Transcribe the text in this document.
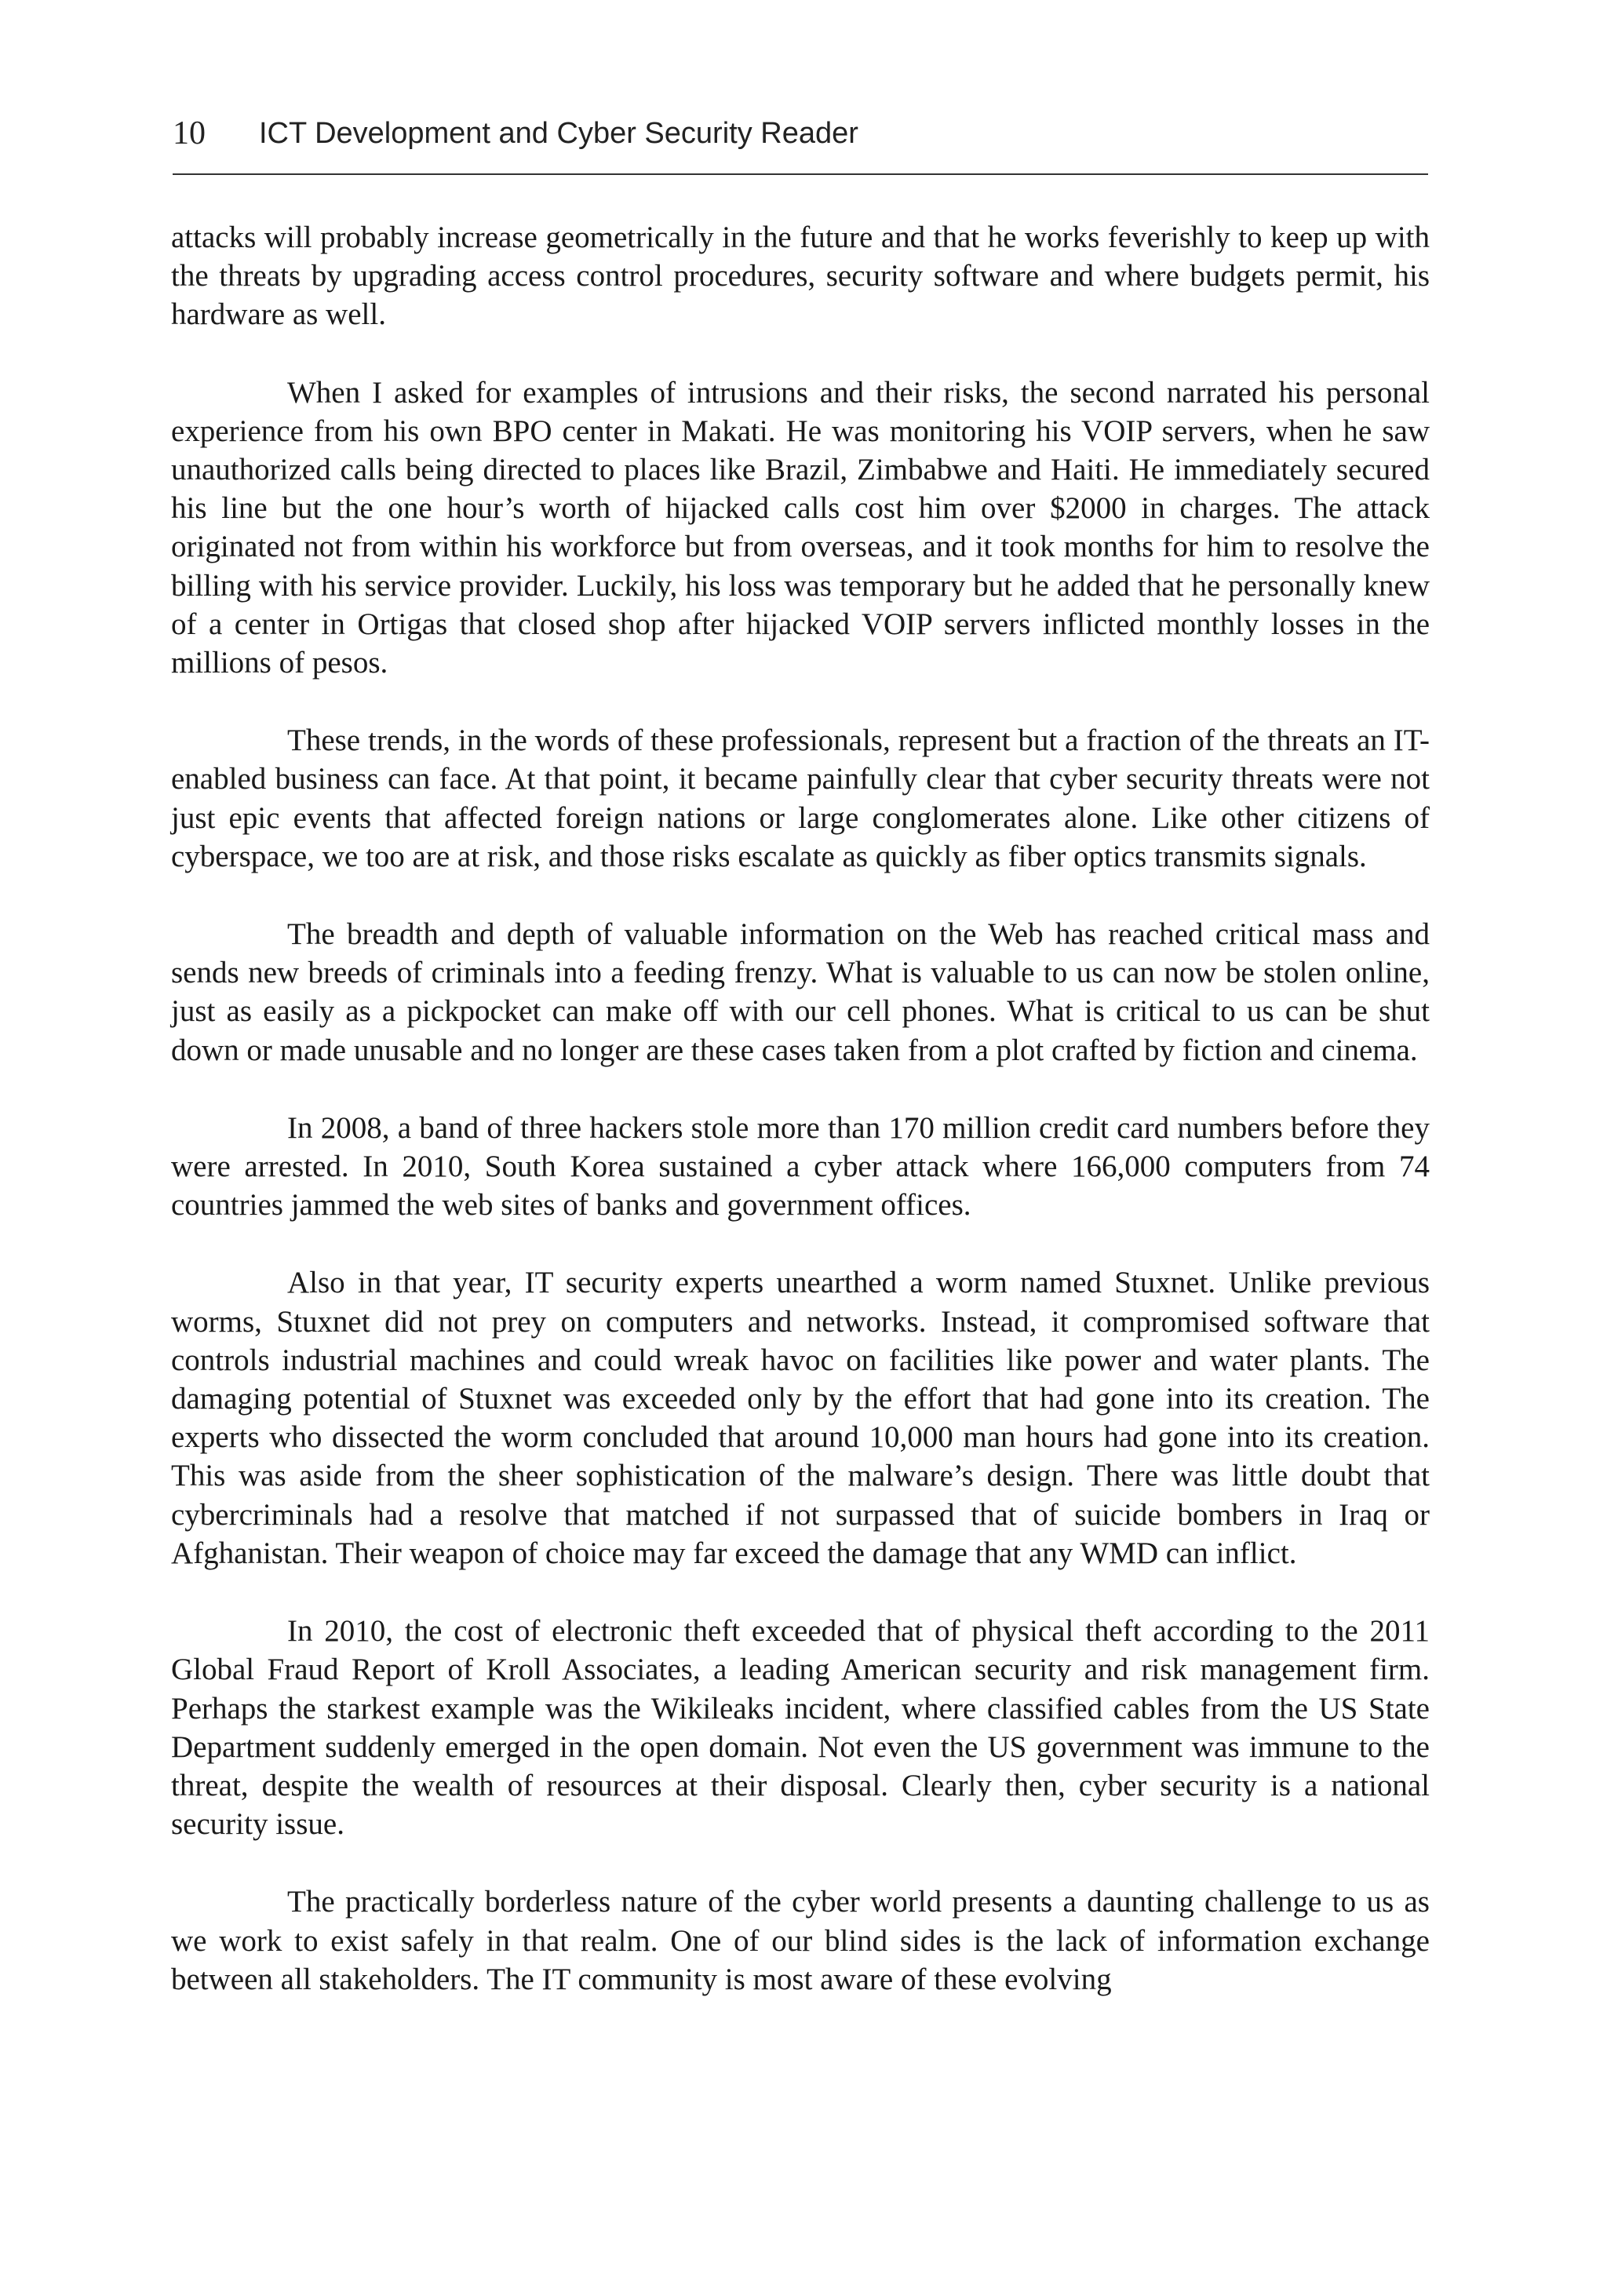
10 ICT Development and Cyber Security Reader

attacks will probably increase geometrically in the future and that he works feverishly to keep up with the threats by upgrading access control procedures, security software and where budgets permit, his hardware as well.

When I asked for examples of intrusions and their risks, the second narrated his personal experience from his own BPO center in Makati. He was monitoring his VOIP servers, when he saw unauthorized calls being directed to places like Brazil, Zimbabwe and Haiti. He immediately secured his line but the one hour’s worth of hijacked calls cost him over $2000 in charges. The attack originated not from within his workforce but from overseas, and it took months for him to resolve the billing with his service provider. Luckily, his loss was temporary but he added that he personally knew of a center in Ortigas that closed shop after hijacked VOIP servers inflicted monthly losses in the millions of pesos.

These trends, in the words of these professionals, represent but a fraction of the threats an IT-enabled business can face. At that point, it became painfully clear that cyber security threats were not just epic events that affected foreign nations or large conglomerates alone. Like other citizens of cyberspace, we too are at risk, and those risks escalate as quickly as fiber optics transmits signals.

The breadth and depth of valuable information on the Web has reached critical mass and sends new breeds of criminals into a feeding frenzy. What is valuable to us can now be stolen online, just as easily as a pickpocket can make off with our cell phones. What is critical to us can be shut down or made unusable and no longer are these cases taken from a plot crafted by fiction and cinema.

In 2008, a band of three hackers stole more than 170 million credit card numbers before they were arrested. In 2010, South Korea sustained a cyber attack where 166,000 computers from 74 countries jammed the web sites of banks and government offices.

Also in that year, IT security experts unearthed a worm named Stuxnet. Unlike previous worms, Stuxnet did not prey on computers and networks. Instead, it compromised software that controls industrial machines and could wreak havoc on facilities like power and water plants. The damaging potential of Stuxnet was exceeded only by the effort that had gone into its creation. The experts who dissected the worm concluded that around 10,000 man hours had gone into its creation. This was aside from the sheer sophistication of the malware’s design. There was little doubt that cybercriminals had a resolve that matched if not surpassed that of suicide bombers in Iraq or Afghanistan. Their weapon of choice may far exceed the damage that any WMD can inflict.

In 2010, the cost of electronic theft exceeded that of physical theft according to the 2011 Global Fraud Report of Kroll Associates, a leading American security and risk management firm. Perhaps the starkest example was the Wikileaks incident, where classified cables from the US State Department suddenly emerged in the open domain. Not even the US government was immune to the threat, despite the wealth of resources at their disposal. Clearly then, cyber security is a national security issue.

The practically borderless nature of the cyber world presents a daunting challenge to us as we work to exist safely in that realm. One of our blind sides is the lack of information exchange between all stakeholders. The IT community is most aware of these evolving
